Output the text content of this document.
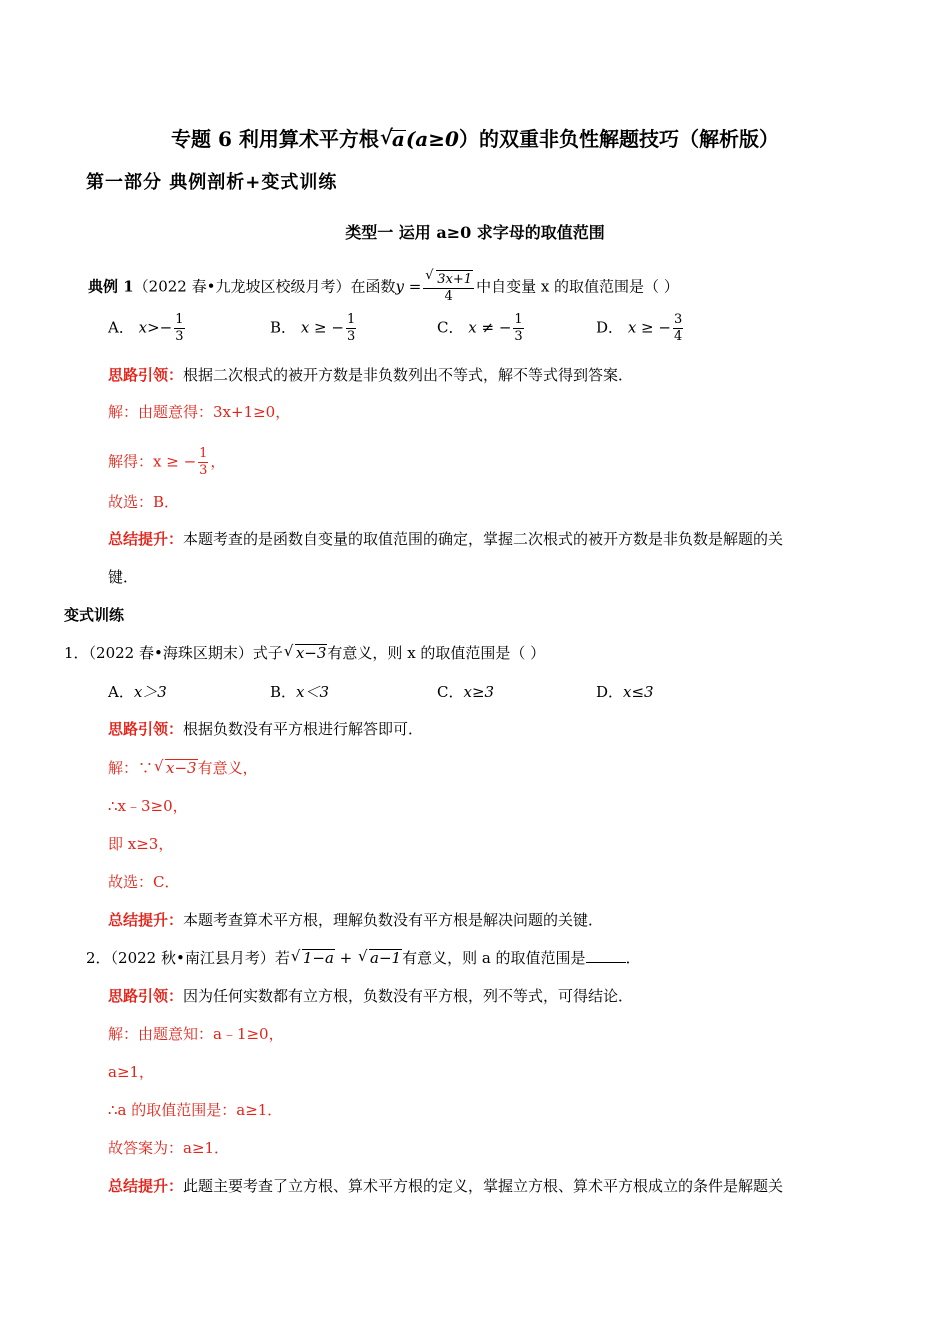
专题 6 利用算术平方根 √ a(a≥0）的双重非负性解题技巧（解析版）
第一部分 典例剖析+变式训练
类型一 运用 a≥0 求字母的取值范围
典例 1（2022 春•九龙坡区校级月考）在函数y = √ $\frac{3x+1}{4}$ 中自变量 x 的取值范围是（ ）
A． $x>- \frac{1}{3}$	B． x ≥ − $\frac{1}{3}$	C． x ≠ − $\frac{1}{3}$	D． x ≥ − $\frac{3}{4}$
思路引领：根据二次根式的被开方数是非负数列出不等式，解不等式得到答案．
解：由题意得：3x+1≥0，
解得：x ≥ − $\frac{1}{3}$ ，
故选：B．
总结提升：本题考查的是函数自变量的取值范围的确定，掌握二次根式的被开方数是非负数是解题的关
键．
变式训练
1．（2022 春•海珠区期末）式子 √ x−3有意义，则 x 的取值范围是（ ）
A．x＞3	B．x＜3	C．x≥3	D．x≤3
思路引领：根据负数没有平方根进行解答即可．
解：∵ √ x−3有意义，
∴x﹣3≥0，
即 x≥3，
故选：C．
总结提升：本题考查算术平方根，理解负数没有平方根是解决问题的关键．
2．（2022 秋•南江县月考）若 √ 1−a + √ a−1有意义，则 a 的取值范围是	．
思路引领：因为任何实数都有立方根，负数没有平方根，列不等式，可得结论．
解：由题意知：a﹣1≥0，
a≥1，
∴a 的取值范围是：a≥1．
故答案为：a≥1．
总结提升：此题主要考查了立方根、算术平方根的定义，掌握立方根、算术平方根成立的条件是解题关
